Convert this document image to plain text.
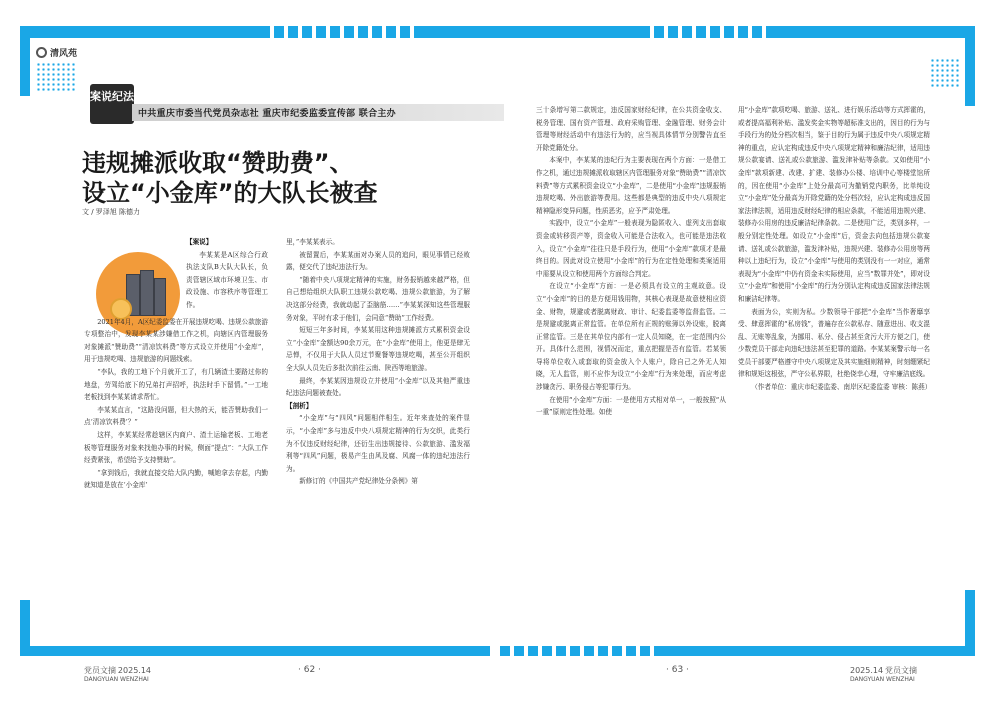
清风苑
案说纪法
中共重庆市委当代党员杂志社 重庆市纪委监委宣传部 联合主办
违规摊派收取“赞助费”、
设立“小金库”的大队长被查
文 / 罗泽旭 陈德力

【案说】

李某某是A区综合行政执法支队B大队大队长，负责管辖区域市环境卫生、市政设施、市容秩序等管理工作。

2021年4月，A区纪委监委在开展违规吃喝、违规公款旅游专项整治中，发现李某某涉嫌借工作之机，向辖区内管理服务对象摊派“赞助费”“清凉饮料费”等方式设立并使用“小金库”，用于违规吃喝、违规旅游的问题线索。

“李队，我的工地下个月就开工了，有几辆渣土要路过你的地盘，劳驾给底下的兄弟打声招呼，执法时手下留情。”一工地老板找到李某某请求帮忙。

李某某直言，“这路没问题，但大热的天，能否赞助我们一点‘清凉饮料费’？”

这样，李某某经常趁辖区内商户、渣土运输老板、工地老板等管理服务对象来找他办事的时候，侧面“提点”：“大队工作经费紧张，希望给予支持赞助”。

“拿到钱后，我就直接交给大队内勤，喊她拿去存起，内勤就知道是放在‘小金库’

里，”李某某表示。

被留置后，李某某面对办案人员的追问，眼见事情已经败露，便交代了违纪违法行为。

“随着中央八项规定精神的实施，财务报销越来越严格，但自己想给组织大队职工违规公款吃喝、违规公款旅游，为了解决这部分经费，我就动起了歪脑筋……”李某某深知这些管理服务对象，平时有求于他们，会同意“赞助”工作经费。

短短三年多时间，李某某用这种违规摊派方式累积资金设立“小金库”金额达90余万元，在“小金库”使用上，他更是肆无忌惮，不仅用于大队人员过节聚餐等违规吃喝，甚至公开组织全大队人员先后多批次前往云南、陕西等地旅游。

最终，李某某因违规设立并使用“小金库”以及其他严重违纪违法问题被查处。

【剖析】

“小金库”与“四风”问题相伴相生。近年来查处的案件显示，“小金库”多与违反中央八项规定精神的行为交织，此类行为不仅违反财经纪律，还衍生出违规接待、公款旅游、滥发福利等“四风”问题，极易产生由风及腐、风腐一体的违纪违法行为。

新修订的《中国共产党纪律处分条例》第

三十条增写第二款规定，违反国家财经纪律，在公共资金收支、税务管理、国有资产管理、政府采购管理、金融管理、财务会计管理等财经活动中有违法行为的，应当视具体情节分别警告直至开除党籍处分。

本案中，李某某的违纪行为主要表现在两个方面：一是借工作之机，通过违规摊派收取辖区内管理服务对象“赞助费”“清凉饮料费”等方式累积资金设立“小金库”，二是使用“小金库”违规报销违规吃喝、外出旅游等费用。这些都是典型的违反中央八项规定精神隐形变异问题，性质恶劣，应予严肃处理。

实践中，设立“小金库”一般表现为隐匿收入、虚列支出套取资金或转移资产等，资金收入可能是合法收入，也可能是违法收入，设立“小金库”往往只是手段行为，使用“小金库”款项才是最终目的。因此对设立使用“小金库”的行为在定性处理和类案适用中需要从设立和使用两个方面综合判定。

在设立“小金库”方面：一是必须具有设立的主观故意。设立“小金库”的目的是方便用钱用物，其核心表现是故意使相应资金、财物，规避或者脱离财政、审计、纪委监委等监督监管。二是规避或脱离正常监管。在单位所有正规的账簿以外设账，脱离正常监管。三是在其单位内部有一定人员知晓，在一定范围内公开。具体什么范围，视情况而定，重点把握是否有监管。若某领导将单位收入或套取的资金放入个人账户，除自己之外无人知晓，无人监管，则不应作为设立“小金库”行为来处理，而应考虑涉嫌贪污、职务侵占等犯罪行为。

在使用“小金库”方面：一是使用方式相对单一，一般按照“从一重”原则定性处理。如使

用“小金库”款项吃喝、旅游、送礼、进行娱乐活动等方式挥霍的，或者提高福利补贴、滥发奖金实物等超标准支出的，因目的行为与手段行为的处分档次相当，鉴于目的行为属于违反中央八项规定精神的重点，应认定构成违反中央八项规定精神和廉洁纪律，适用违规公款宴请、送礼或公款旅游、滥发津补贴等条款。又如使用“小金库”款项新建、改建、扩建、装修办公楼、培训中心等楼堂馆所的，因在使用“小金库”上处分最高可为撤销党内职务，比单纯设立“小金库”处分最高为开除党籍的处分档次轻，应认定构成违反国家法律法规，适用违反财经纪律的相应条款，不能适用违规兴建、装修办公用房的违反廉洁纪律条款。二是使用广泛，类别多样，一般分别定性处理。如设立“小金库”后，资金去向包括违规公款宴请、送礼或公款旅游，滥发津补贴，违规兴建、装修办公用房等两种以上违纪行为，设立“小金库”与使用的类别没有一一对应，通常表现为“小金库”中仍有资金未实际使用，应当“数罪并处”，即对设立“小金库”和使用“小金库”的行为分别认定构成违反国家法律法规和廉洁纪律等。

表面为公，实则为私。少数领导干部把“小金库”当作奢靡享受、肆意挥霍的“私房钱”，普遍存在公款私存、随意进出、收支混乱、无账等乱象，为挪用、私分、侵占甚至贪污大开方便之门，使少数党员干部走向违纪违法甚至犯罪的道路。李某某案警示每一名党员干部要严格遵守中央八项规定及其实施细则精神，时刻绷紧纪律和规矩这根弦，严守公私界限，杜绝侥幸心理，守牢廉洁底线。

（作者单位：重庆市纪委监委、南岸区纪委监委 审核：陈燕）

党员文摘 2025.14
DANGYUAN WENZHAI
· 62 ·	· 63 ·	2025.14 党员文摘
DANGYUAN WENZHAI
